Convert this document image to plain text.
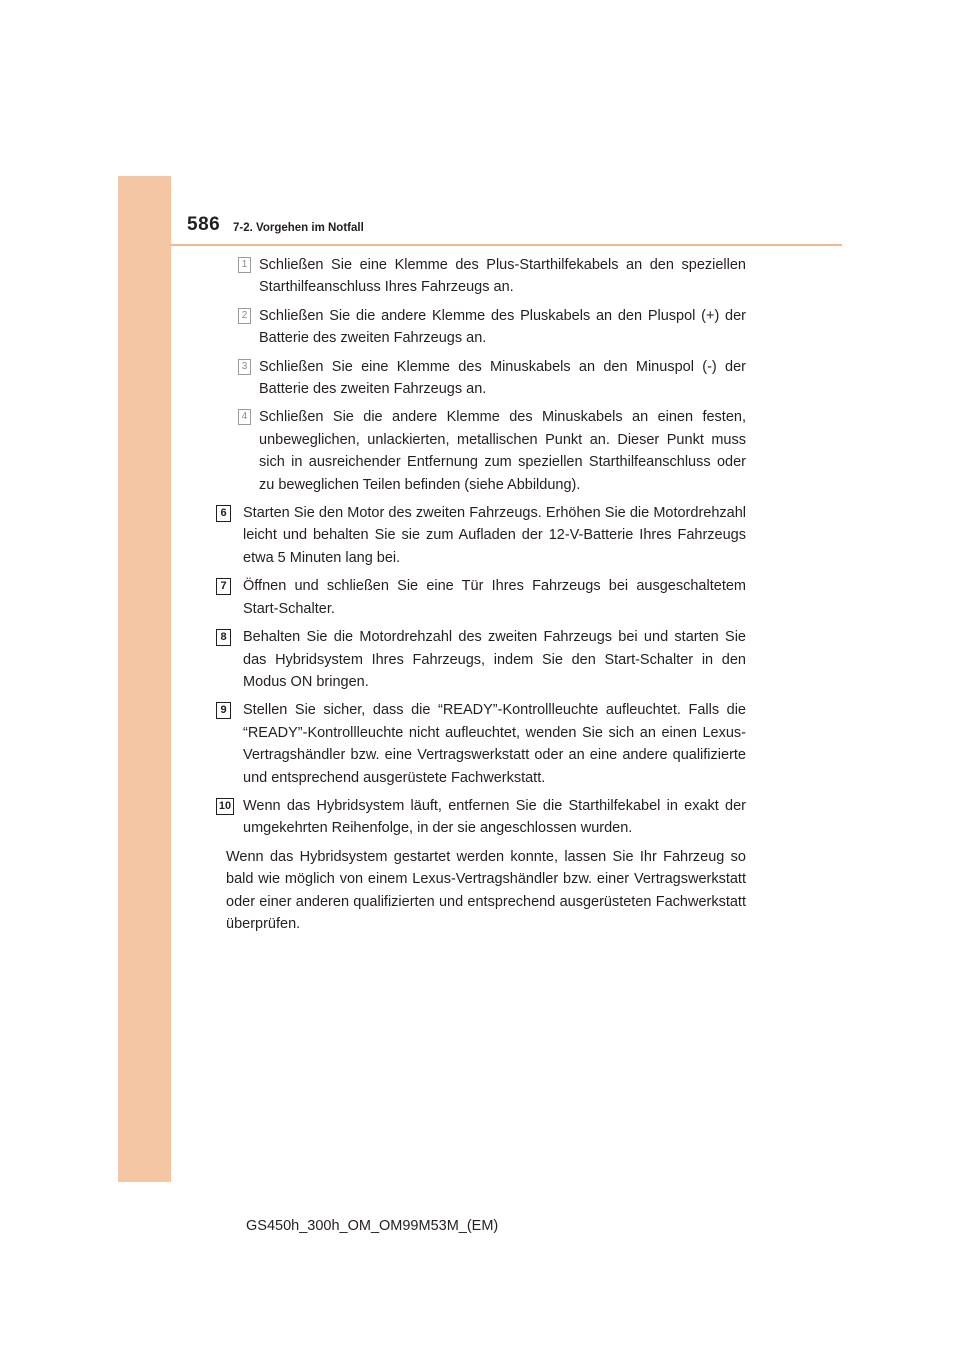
586 7-2. Vorgehen im Notfall
1 Schließen Sie eine Klemme des Plus-Starthilfekabels an den speziellen Starthilfeanschluss Ihres Fahrzeugs an.
2 Schließen Sie die andere Klemme des Pluskabels an den Pluspol (+) der Batterie des zweiten Fahrzeugs an.
3 Schließen Sie eine Klemme des Minuskabels an den Minuspol (-) der Batterie des zweiten Fahrzeugs an.
4 Schließen Sie die andere Klemme des Minuskabels an einen festen, unbeweglichen, unlackierten, metallischen Punkt an. Dieser Punkt muss sich in ausreichender Entfernung zum speziellen Starthilfeanschluss oder zu beweglichen Teilen befinden (siehe Abbildung).
6	Starten Sie den Motor des zweiten Fahrzeugs. Erhöhen Sie die Motordrehzahl leicht und behalten Sie sie zum Aufladen der 12-V-Batterie Ihres Fahrzeugs etwa 5 Minuten lang bei.
7	Öffnen und schließen Sie eine Tür Ihres Fahrzeugs bei ausgeschaltetem Start-Schalter.
8	Behalten Sie die Motordrehzahl des zweiten Fahrzeugs bei und starten Sie das Hybridsystem Ihres Fahrzeugs, indem Sie den Start-Schalter in den Modus ON bringen.
9	Stellen Sie sicher, dass die “READY”-Kontrollleuchte aufleuchtet. Falls die “READY”-Kontrollleuchte nicht aufleuchtet, wenden Sie sich an einen Lexus-Vertragshändler bzw. eine Vertragswerkstatt oder an eine andere qualifizierte und entsprechend ausgerüstete Fachwerkstatt.
10 Wenn das Hybridsystem läuft, entfernen Sie die Starthilfekabel in exakt der umgekehrten Reihenfolge, in der sie angeschlossen wurden.
Wenn das Hybridsystem gestartet werden konnte, lassen Sie Ihr Fahrzeug so bald wie möglich von einem Lexus-Vertragshändler bzw. einer Vertragswerkstatt oder einer anderen qualifizierten und entsprechend ausgerüsteten Fachwerkstatt überprüfen.
GS450h_300h_OM_OM99M53M_(EM)
